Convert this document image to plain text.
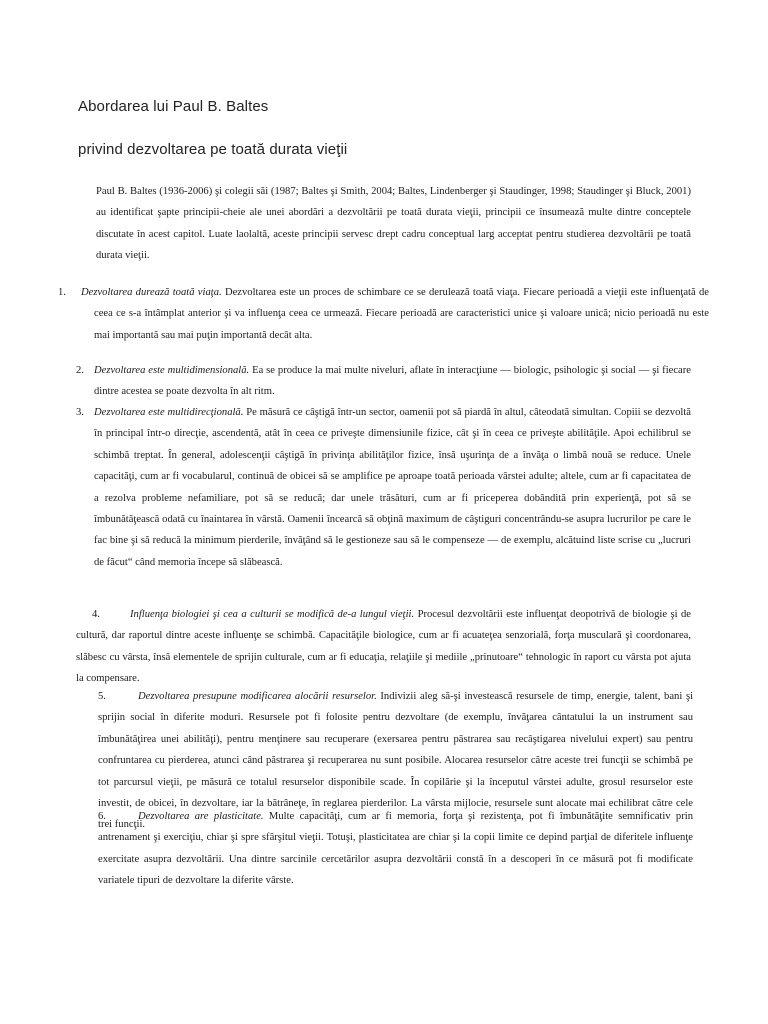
Abordarea lui Paul B. Baltes
privind dezvoltarea pe toată durata vieţii
Paul B. Baltes (1936-2006) şi colegii săi (1987; Baltes şi Smith, 2004; Baltes, Lindenberger şi Staudinger, 1998; Staudinger şi Bluck, 2001) au identificat şapte principii-cheie ale unei abordări a dezvoltării pe toată durata vieţii, principii ce însumează multe dintre conceptele discutate în acest capitol. Luate laolaltă, aceste principii servesc drept cadru conceptual larg acceptat pentru studierea dezvoltării pe toată durata vieţii.
1. Dezvoltarea durează toată viaţa. Dezvoltarea este un proces de schimbare ce se derulează toată viaţa. Fiecare perioadă a vieţii este influenţată de ceea ce s-a întâmplat anterior şi va influenţa ceea ce urmează. Fiecare perioadă are caracteristici unice şi valoare unică; nicio perioadă nu este mai importantă sau mai puţin importantă decât alta.
2. Dezvoltarea este multidimensională. Ea se produce la mai multe niveluri, aflate în interacţiune — biologic, psihologic şi social — şi fiecare dintre acestea se poate dezvolta în alt ritm.
3. Dezvoltarea este multidirecţională. Pe măsură ce câştigă într-un sector, oamenii pot să piardă în altul, câteodată simultan. Copiii se dezvoltă în principal într-o direcţie, ascendentă, atât în ceea ce priveşte dimensiunile fizice, cât şi în ceea ce priveşte abilităţile. Apoi echilibrul se schimbă treptat. În general, adolescenţii câştigă în privinţa abilităţilor fizice, însă uşurinţa de a învăţa o limbă nouă se reduce. Unele capacităţi, cum ar fi vocabularul, continuă de obicei să se amplifice pe aproape toată perioada vârstei adulte; altele, cum ar fi capacitatea de a rezolva probleme nefamiliare, pot să se reducă; dar unele trăsături, cum ar fi priceperea dobândită prin experienţă, pot să se îmbunătăţească odată cu înaintarea în vârstă. Oamenii încearcă să obţină maximum de câştiguri concentrându-se asupra lucrurilor pe care le fac bine şi să reducă la minimum pierderile, învăţând să le gestioneze sau să le compenseze — de exemplu, alcătuind liste scrise cu „lucruri de făcut“ când memoria începe să slăbească.
4.	Influenţa biologiei şi cea a culturii se modifică de-a lungul vieţii. Procesul dezvoltării este influenţat deopotrivă de biologie şi de cultură, dar raportul dintre aceste influenţe se schimbă. Capacităţile biologice, cum ar fi acuateţea senzorială, forţa musculară şi coordonarea, slăbesc cu vârsta, însă elementele de sprijin culturale, cum ar fi educaţia, relaţiile şi mediile „prinutoare“ tehnologic în raport cu vârsta pot ajuta la compensare.
5.	Dezvoltarea presupune modificarea alocării resurselor. Indivizii aleg să-şi investească resursele de timp, energie, talent, bani şi sprijin social în diferite moduri. Resursele pot fi folosite pentru dezvoltare (de exemplu, învăţarea cântatului la un instrument sau îmbunătăţirea unei abilităţi), pentru menţinere sau recuperare (exersarea pentru păstrarea sau recâştigarea nivelului expert) sau pentru confruntarea cu pierderea, atunci când păstrarea şi recuperarea nu sunt posibile. Alocarea resurselor către aceste trei funcţii se schimbă pe tot parcursul vieţii, pe măsură ce totalul resurselor disponibile scade. În copilărie şi la începutul vârstei adulte, grosul resurselor este investit, de obicei, în dezvoltare, iar la bătrâneţe, în reglarea pierderilor. La vârsta mijlocie, resursele sunt alocate mai echilibrat către cele trei funcţii.
6.	Dezvoltarea are plasticitate. Multe capacităţi, cum ar fi memoria, forţa şi rezistenţa, pot fi îmbunătăţite semnificativ prin antrenament şi exerciţiu, chiar şi spre sfârşitul vieţii. Totuşi, plasticitatea are chiar şi la copii limite ce depind parţial de diferitele influenţe exercitate asupra dezvoltării. Una dintre sarcinile cercetărilor asupra dezvoltării constă în a descoperi în ce măsură pot fi modificate variatele tipuri de dezvoltare la diferite vârste.
